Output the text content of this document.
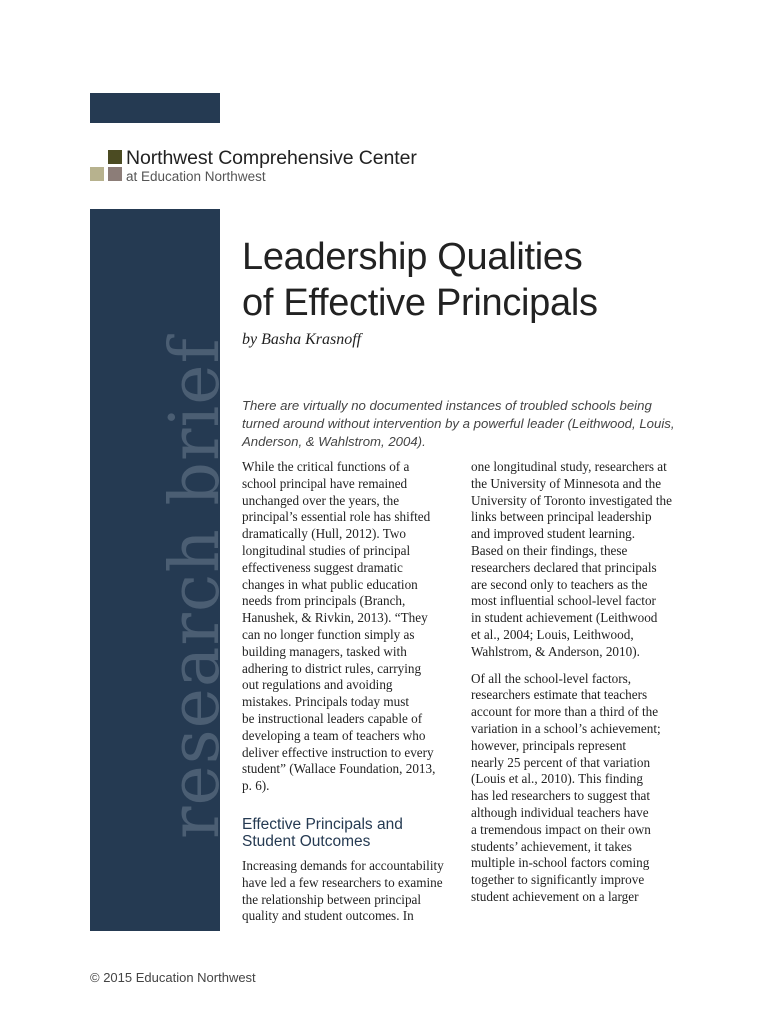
Northwest Comprehensive Center
at Education Northwest
research brief
Leadership Qualities
of Effective Principals
by Basha Krasnoff

There are virtually no documented instances of troubled schools being turned around without intervention by a powerful leader (Leithwood, Louis, Anderson, & Wahlstrom, 2004).

While the critical functions of a
school principal have remained
unchanged over the years, the
principal’s essential role has shifted
dramatically (Hull, 2012). Two
longitudinal studies of principal
effectiveness suggest dramatic
changes in what public education
needs from principals (Branch,
Hanushek, & Rivkin, 2013). “They
can no longer function simply as
building managers, tasked with
adhering to district rules, carrying
out regulations and avoiding
mistakes. Principals today must
be instructional leaders capable of
developing a team of teachers who
deliver effective instruction to every
student” (Wallace Foundation, 2013,
p. 6).

Effective Principals and
Student Outcomes

Increasing demands for accountability
have led a few researchers to examine
the relationship between principal
quality and student outcomes. In

one longitudinal study, researchers at
the University of Minnesota and the
University of Toronto investigated the
links between principal leadership
and improved student learning.
Based on their findings, these
researchers declared that principals
are second only to teachers as the
most influential school-level factor
in student achievement (Leithwood
et al., 2004; Louis, Leithwood,
Wahlstrom, & Anderson, 2010).

Of all the school-level factors,
researchers estimate that teachers
account for more than a third of the
variation in a school’s achievement;
however, principals represent
nearly 25 percent of that variation
(Louis et al., 2010). This finding
has led researchers to suggest that
although individual teachers have
a tremendous impact on their own
students’ achievement, it takes
multiple in-school factors coming
together to significantly improve
student achievement on a larger

© 2015 Education Northwest
